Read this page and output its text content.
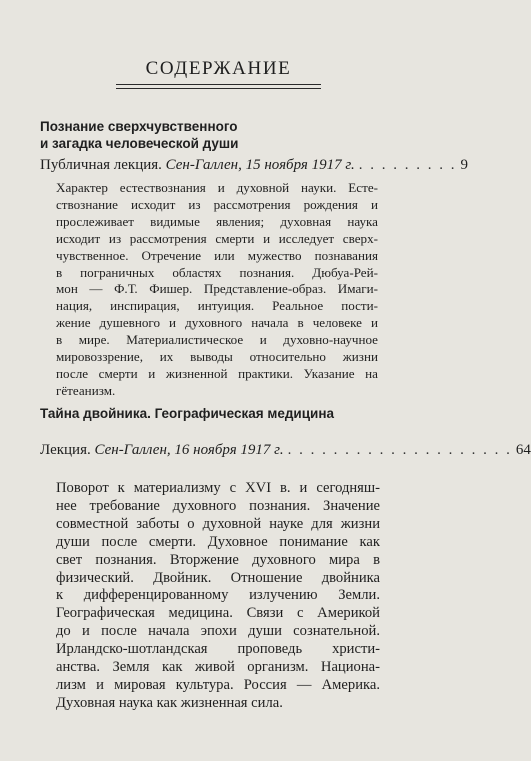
СОДЕРЖАНИЕ
Познание сверхчувственного
и загадка человеческой души
Публичная лекция.
Сен-Галлен, 15 ноября 1917 г. . . . . . . . . . 9
Характер естествознания и духовной науки. Есте-
ствознание исходит из рассмотрения рождения и
прослеживает видимые явления; духовная наука
исходит из рассмотрения смерти и исследует сверх-
чувственное. Отречение или мужество познавания
в пограничных областях познания. Дюбуа-Рей-
мон — Ф.Т. Фишер. Представление-образ. Имаги-
нация, инспирация, интуиция. Реальное пости-
жение душевного и духовного начала в человеке и
в мире. Материалистическое и духовно-научное
мировоззрение, их выводы относительно жизни
после смерти и жизненной практики. Указание на
гётеанизм.
Тайна двойника. Географическая медицина
Лекция.
Сен-Галлен, 16 ноября 1917 г. . . . . . . . . . . . . . . . . . . . . 64
Поворот к материализму с XVI в. и сегодняш-
нее требование духовного познания. Значение
совместной заботы о духовной науке для жизни
души после смерти. Духовное понимание как
свет познания. Вторжение духовного мира в
физический. Двойник. Отношение двойника
к дифференцированному излучению Земли.
Географическая медицина. Связи с Америкой
до и после начала эпохи души сознательной.
Ирландско-шотландская проповедь христи-
анства. Земля как живой организм. Национа-
лизм и мировая культура. Россия — Америка.
Духовная наука как жизненная сила.
